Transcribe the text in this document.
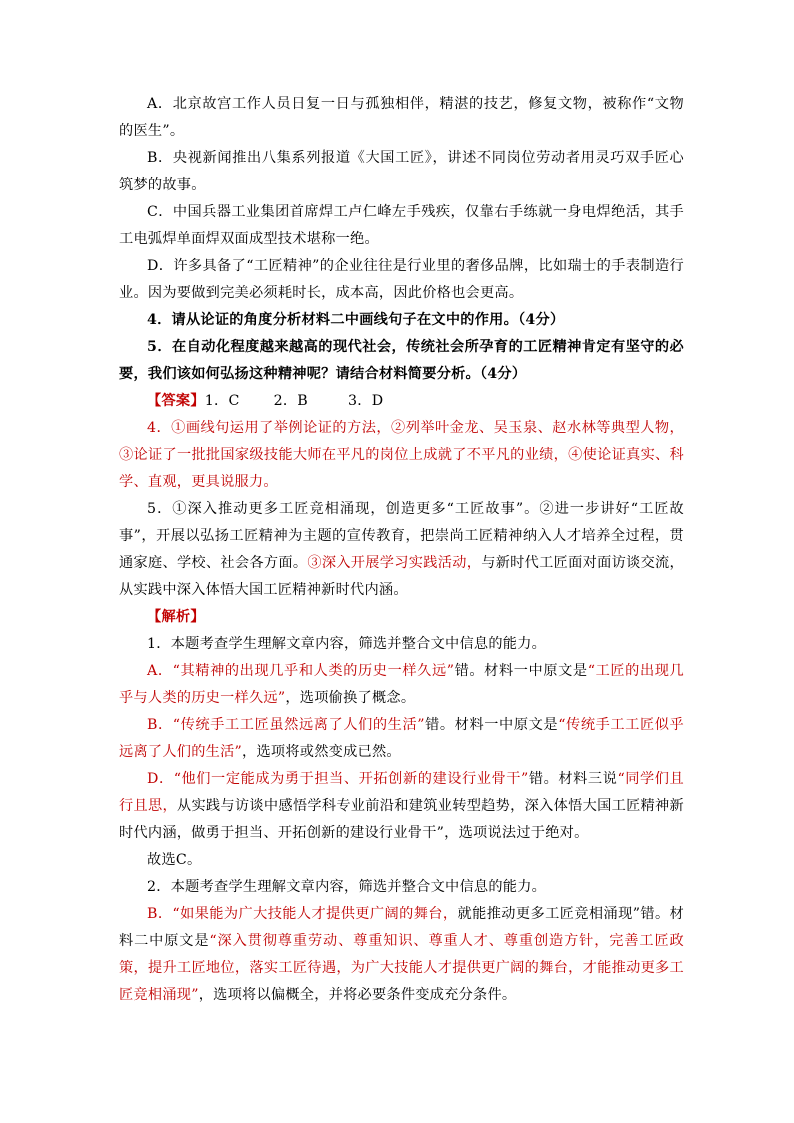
A．北京故宫工作人员日复一日与孤独相伴，精湛的技艺，修复文物，被称作“文物的医生”。

B．央视新闻推出八集系列报道《大国工匠》，讲述不同岗位劳动者用灵巧双手匠心筑梦的故事。

C．中国兵器工业集团首席焊工卢仁峰左手残疾，仅靠右手练就一身电焊绝活，其手工电弧焊单面焊双面成型技术堪称一绝。

D．许多具备了“工匠精神”的企业往往是行业里的奢侈品牌，比如瑞士的手表制造行业。因为要做到完美必须耗时长，成本高，因此价格也会更高。

4．请从论证的角度分析材料二中画线句子在文中的作用。（4分）

5．在自动化程度越来越高的现代社会，传统社会所孕育的工匠精神肯定有坚守的必要，我们该如何弘扬这种精神呢？请结合材料简要分析。（4分）

【答案】1．C 2．B	3．D

4．①画线句运用了举例论证的方法，②列举叶金龙、吴玉泉、赵水林等典型人物，③论证了一批批国家级技能大师在平凡的岗位上成就了不平凡的业绩，④使论证真实、科学、直观，更具说服力。

5．①深入推动更多工匠竞相涌现，创造更多“工匠故事”。②进一步讲好“工匠故事”，开展以弘扬工匠精神为主题的宣传教育，把崇尚工匠精神纳入人才培养全过程，贯通家庭、学校、社会各方面。③深入开展学习实践活动，与新时代工匠面对面访谈交流，从实践中深入体悟大国工匠精神新时代内涵。

【解析】

1．本题考查学生理解文章内容，筛选并整合文中信息的能力。

A．“其精神的出现几乎和人类的历史一样久远”错。材料一中原文是“工匠的出现几乎与人类的历史一样久远”，选项偷换了概念。

B．“传统手工工匠虽然远离了人们的生活”错。材料一中原文是“传统手工工匠似乎远离了人们的生活”，选项将或然变成已然。

D．“他们一定能成为勇于担当、开拓创新的建设行业骨干”错。材料三说“同学们且行且思，从实践与访谈中感悟学科专业前沿和建筑业转型趋势，深入体悟大国工匠精神新时代内涵，做勇于担当、开拓创新的建设行业骨干”，选项说法过于绝对。

故选C。

2．本题考查学生理解文章内容，筛选并整合文中信息的能力。

B．“如果能为广大技能人才提供更广阔的舞台，就能推动更多工匠竞相涌现”错。材料二中原文是“深入贯彻尊重劳动、尊重知识、尊重人才、尊重创造方针，完善工匠政策，提升工匠地位，落实工匠待遇，为广大技能人才提供更广阔的舞台，才能推动更多工匠竞相涌现”，选项将以偏概全，并将必要条件变成充分条件。
